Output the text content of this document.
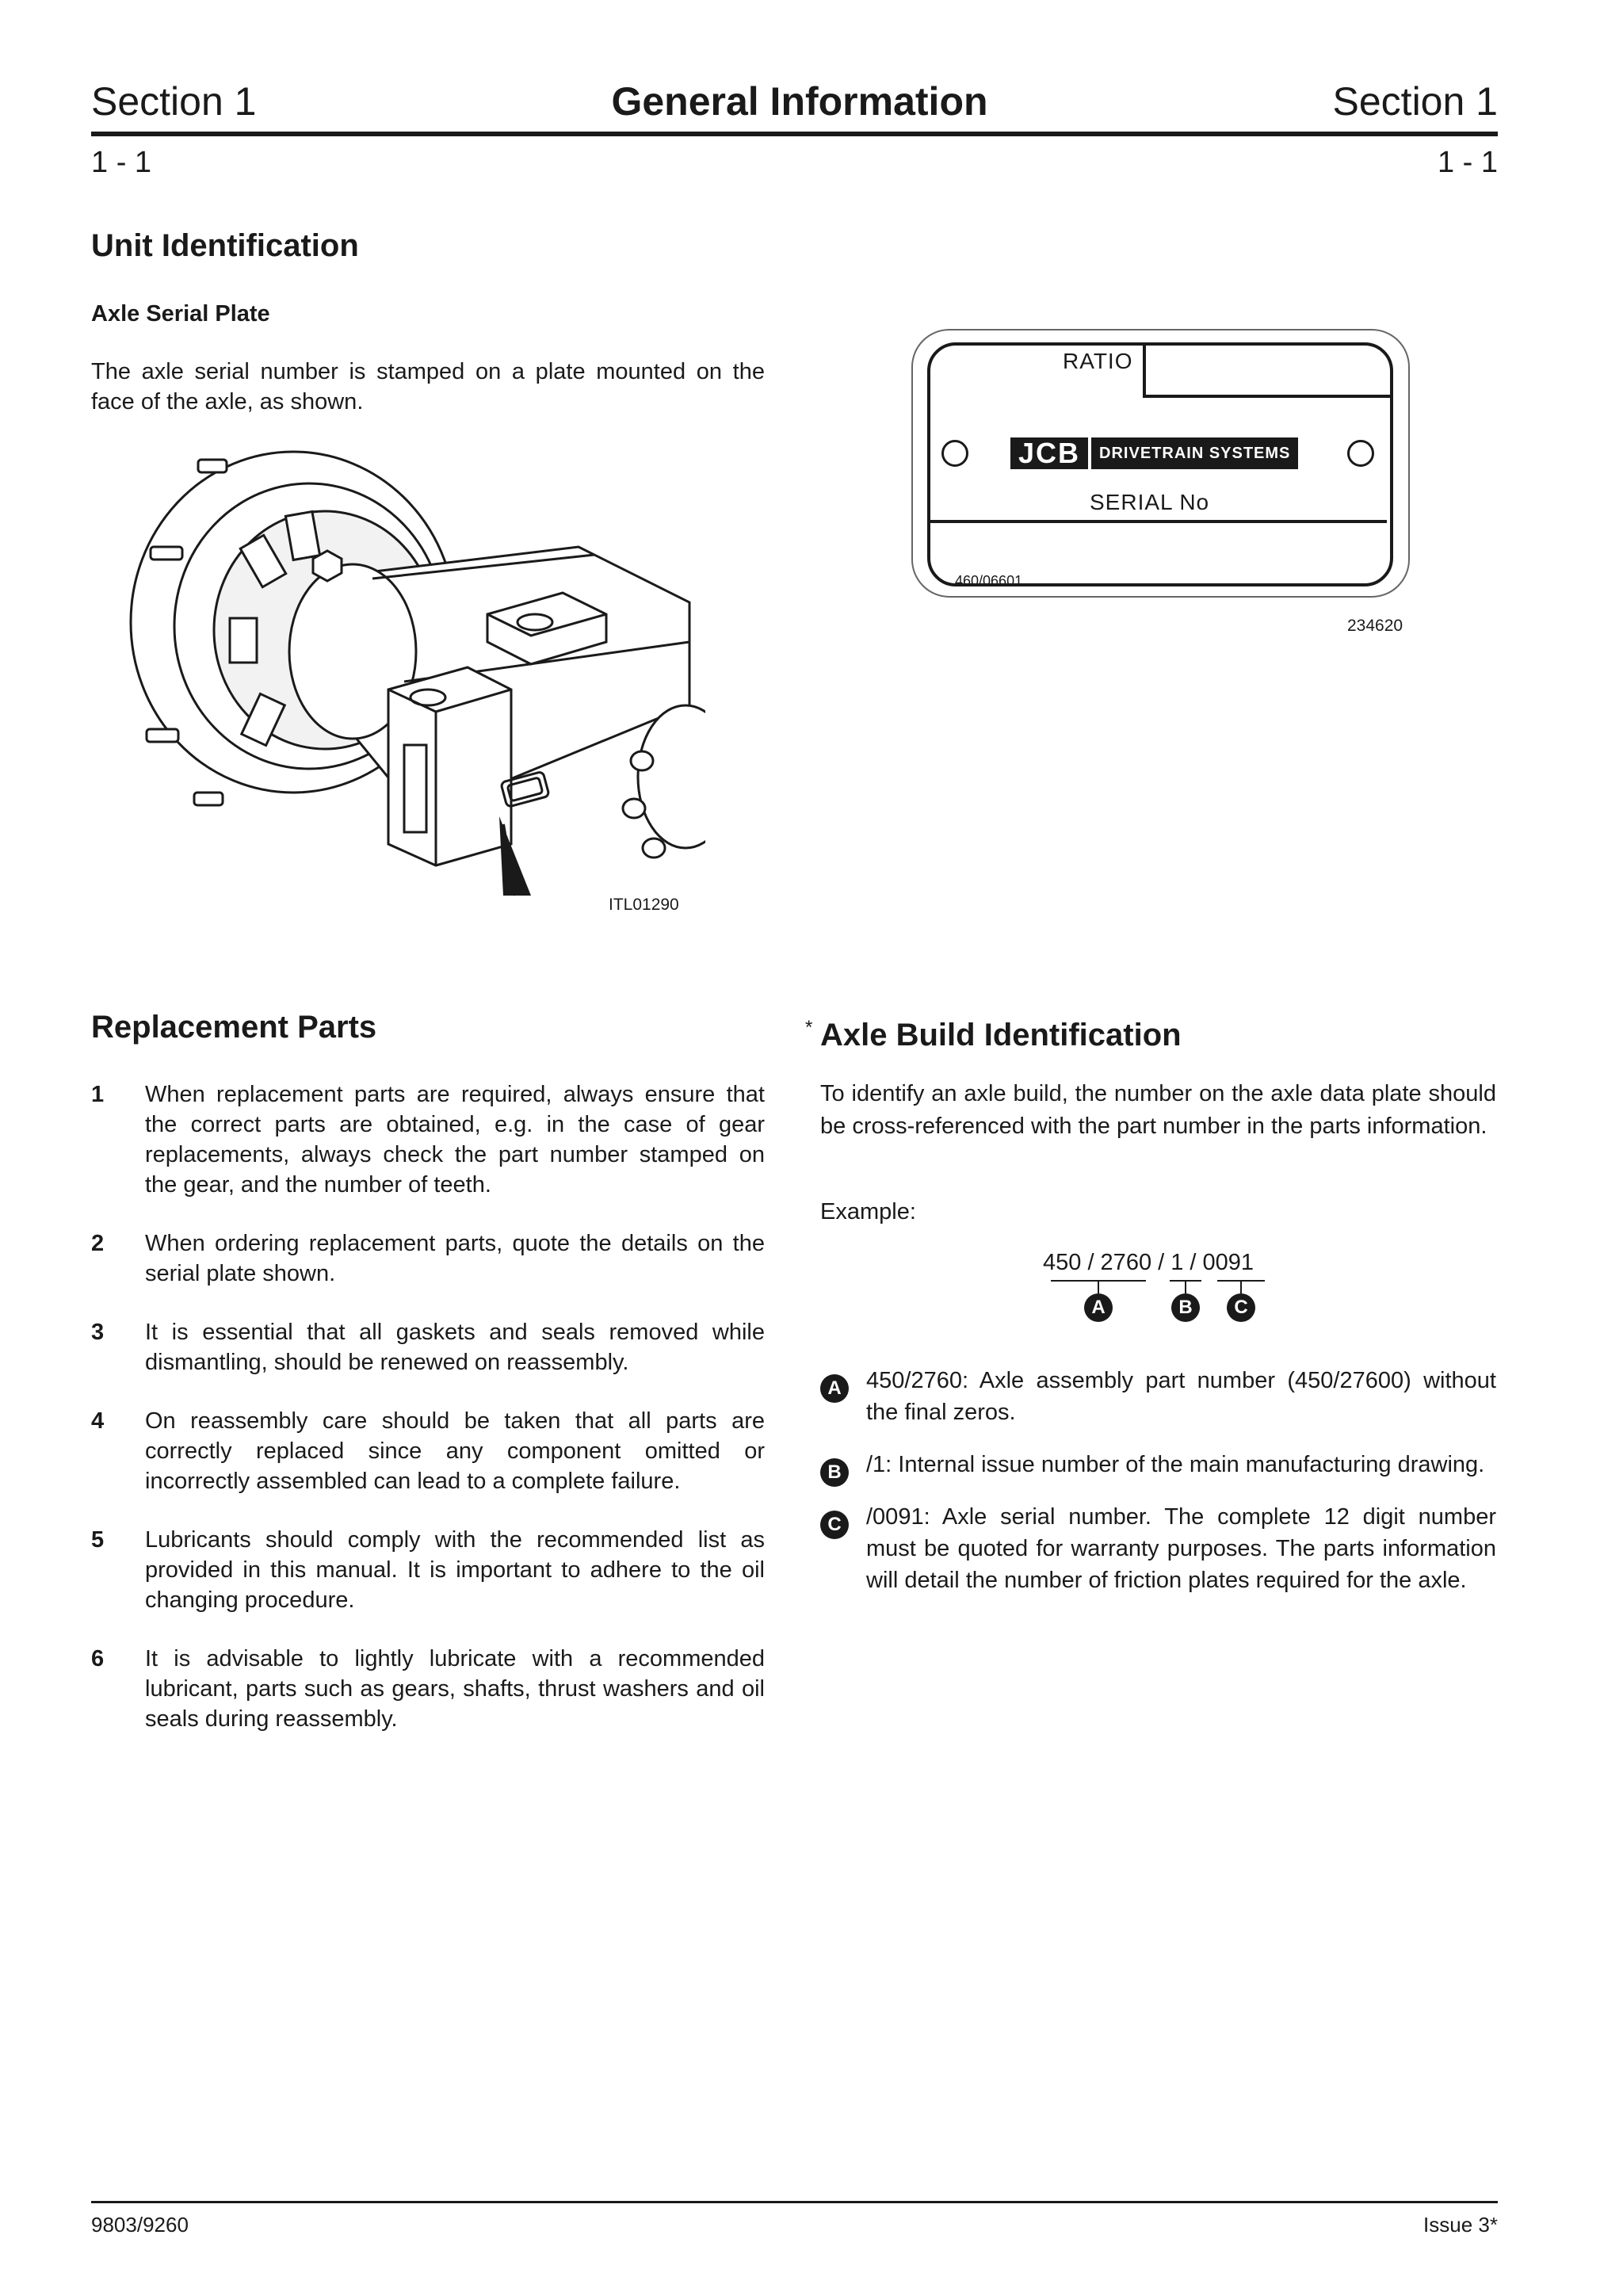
Section 1	General Information	Section 1
1 - 1	1 - 1
Unit Identification
Axle Serial Plate
The axle serial number is stamped on a plate mounted on the face of the axle, as shown.
ITL01290
RATIO
JCB	DRIVETRAIN SYSTEMS
SERIAL No
460/06601
234620
Replacement Parts
1 When replacement parts are required, always ensure that the correct parts are obtained, e.g. in the case of gear replacements, always check the part number stamped on the gear, and the number of teeth.
2 When ordering replacement parts, quote the details on the serial plate shown.
3 It is essential that all gaskets and seals removed while dismantling, should be renewed on reassembly.
4 On reassembly care should be taken that all parts are correctly replaced since any component omitted or incorrectly assembled can lead to a complete failure.
5 Lubricants should comply with the recommended list as provided in this manual. It is important to adhere to the oil changing procedure.
6 It is advisable to lightly lubricate with a recommended lubricant, parts such as gears, shafts, thrust washers and oil seals during reassembly.
* Axle Build Identification
To identify an axle build, the number on the axle data plate should be cross-referenced with the part number in the parts information.
Example:
450 / 2760 / 1 / 0091
A	B	C
A	450/2760: Axle assembly part number (450/27600) without the final zeros.
B	/1: Internal issue number of the main manufacturing drawing.
C	/0091: Axle serial number. The complete 12 digit number must be quoted for warranty purposes. The parts information will detail the number of friction plates required for the axle.
9803/9260	Issue 3*
